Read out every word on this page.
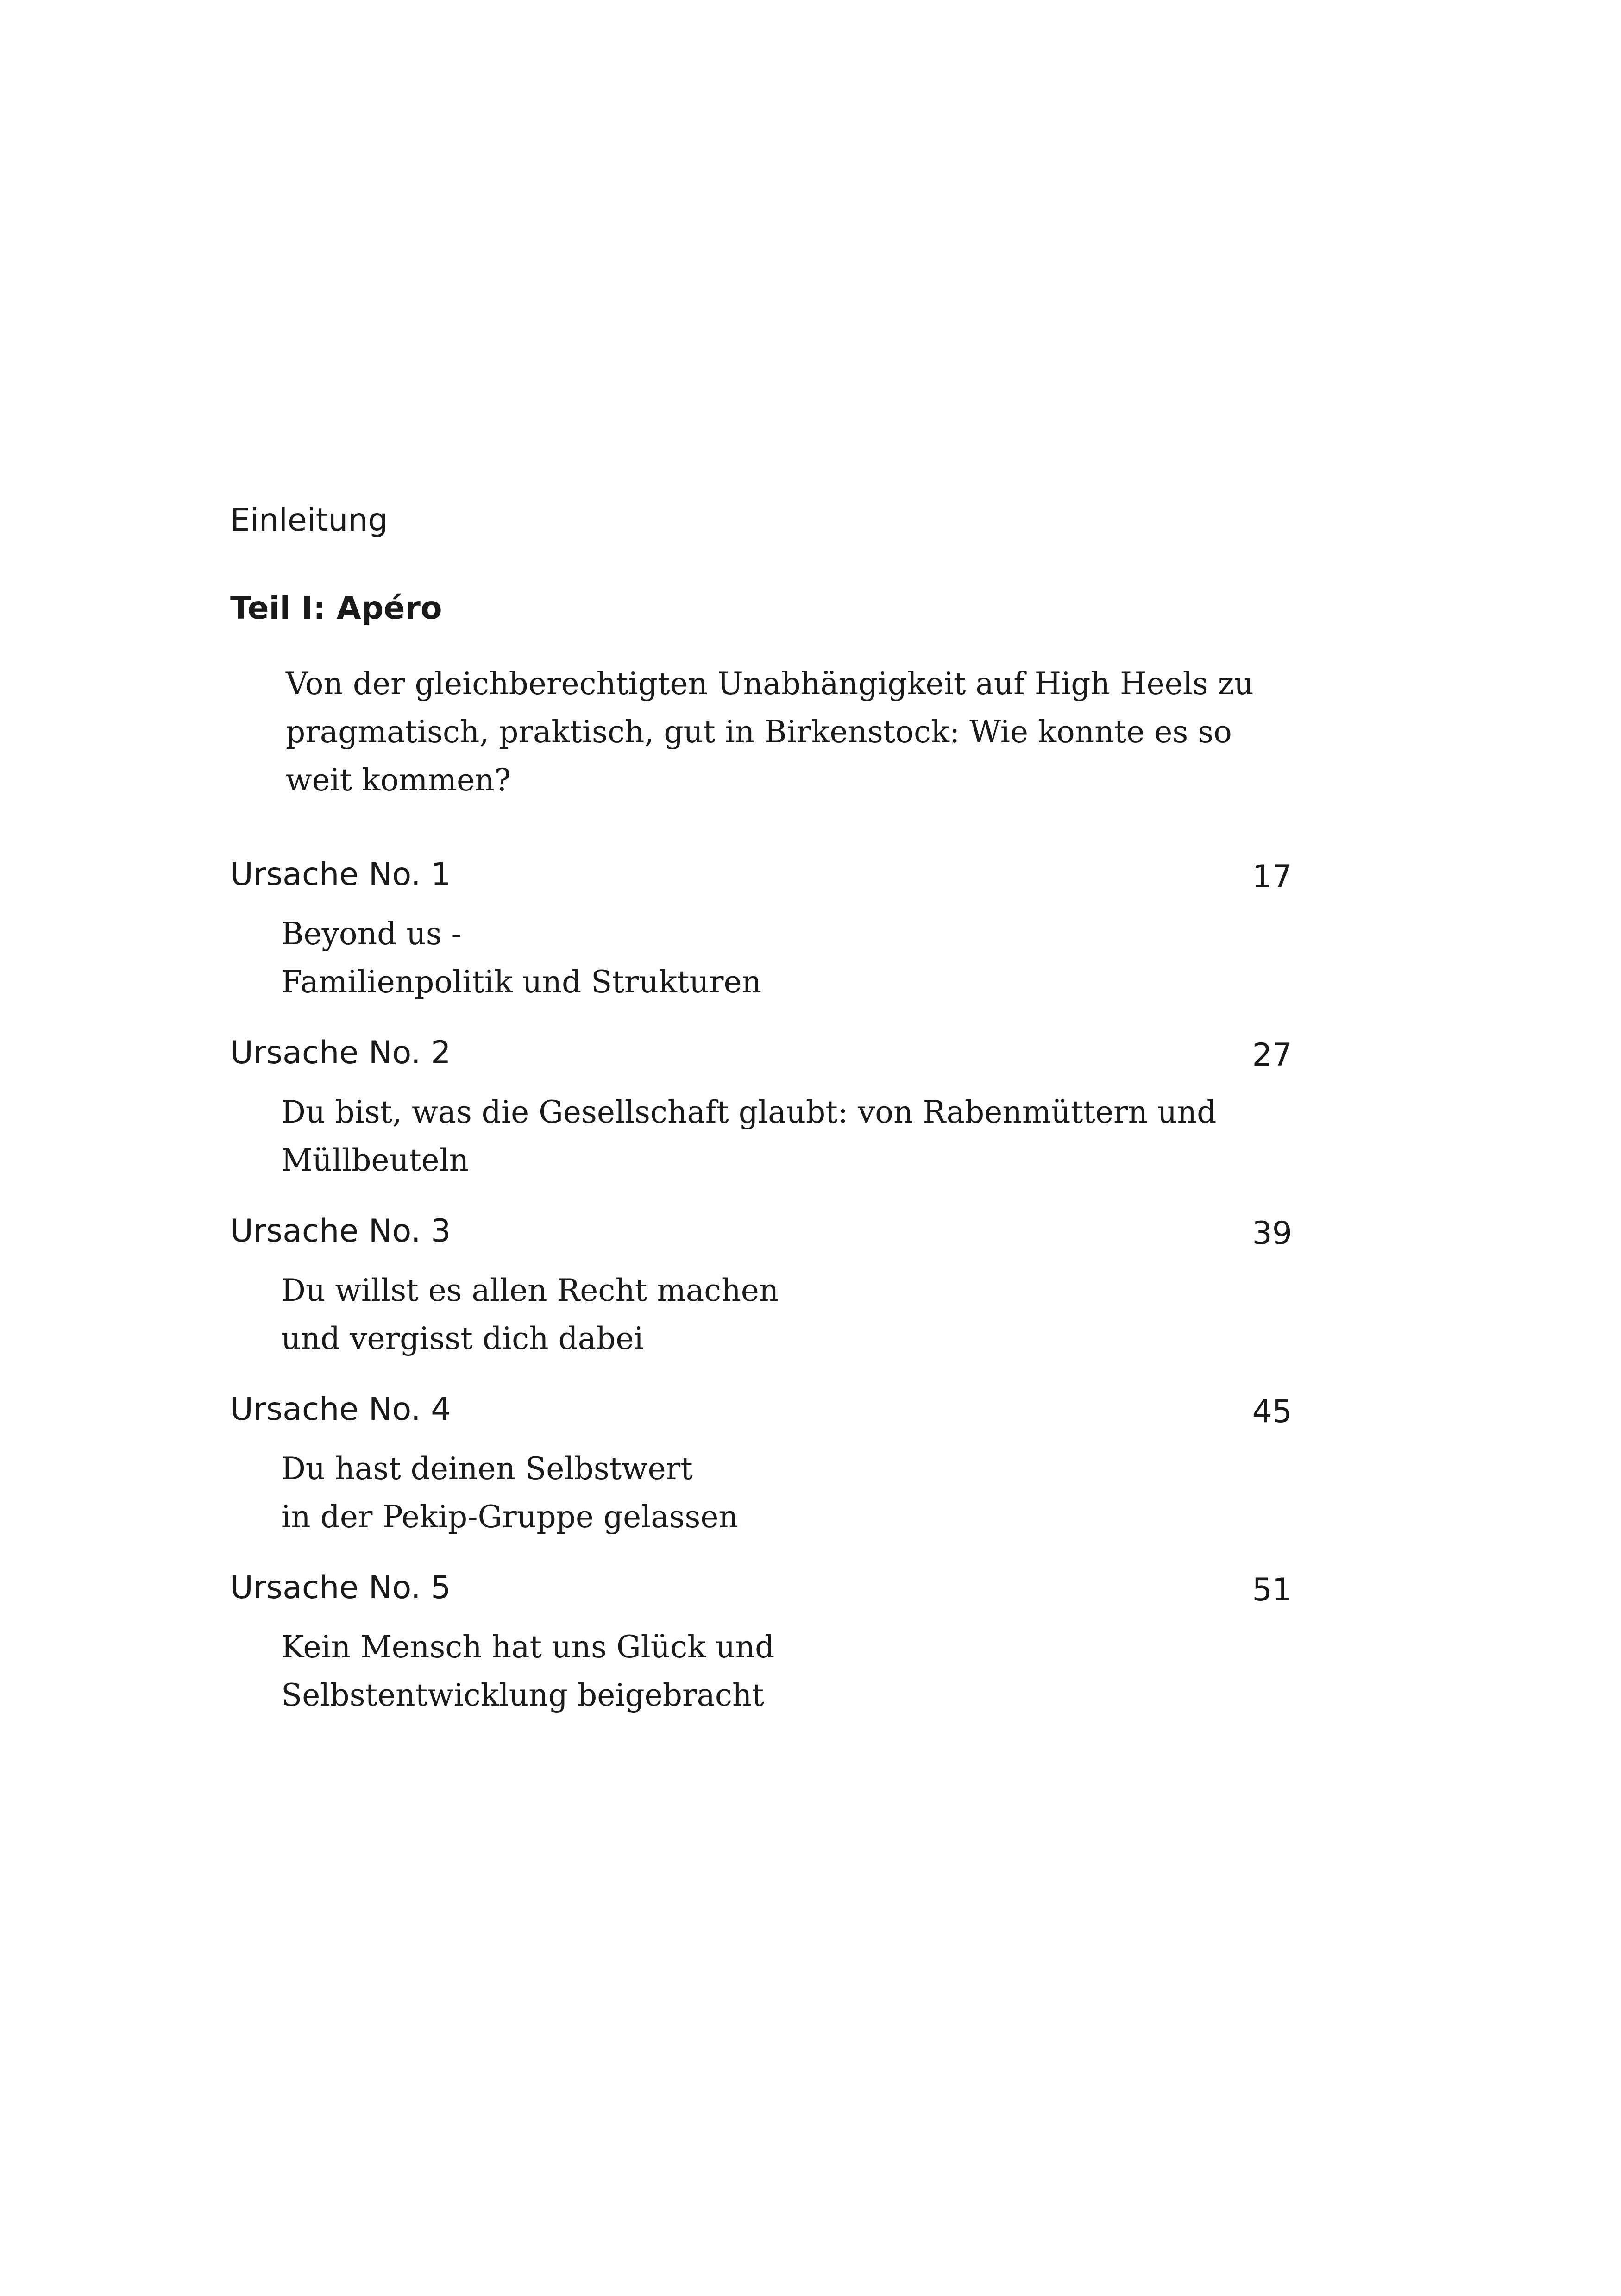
Einleitung
Teil I: Apéro
Von der gleichberechtigten Unabhängigkeit auf High Heels zu
pragmatisch, praktisch, gut in Birkenstock: Wie konnte es so
weit kommen?
Ursache No. 1	17
Beyond us -
Familienpolitik und Strukturen
Ursache No. 2	27
Du bist, was die Gesellschaft glaubt: von Rabenmüttern und
Müllbeuteln
Ursache No. 3	39
Du willst es allen Recht machen
und vergisst dich dabei
Ursache No. 4	45
Du hast deinen Selbstwert
in der Pekip-Gruppe gelassen
Ursache No. 5	51
Kein Mensch hat uns Glück und
Selbstentwicklung beigebracht
